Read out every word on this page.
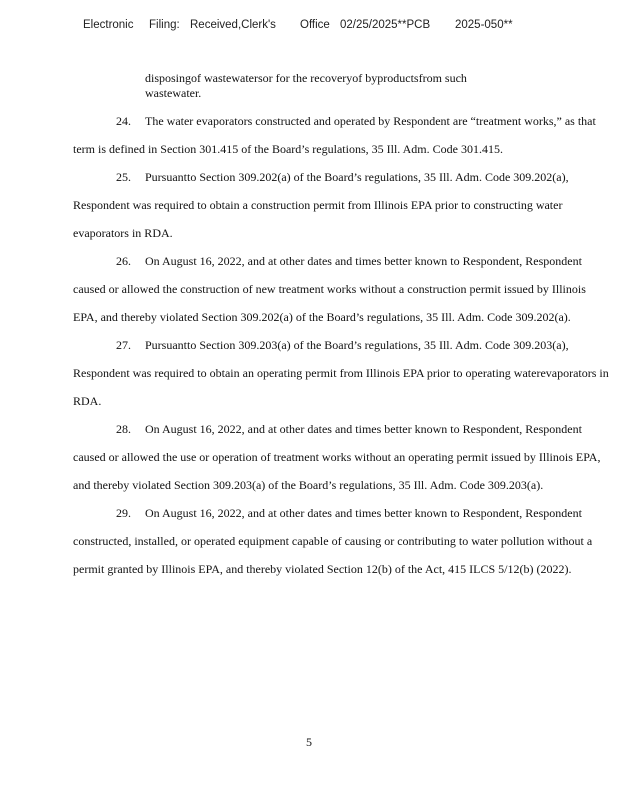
Electronic

Filing:

Received,Clerk's

Office

02/25/2025**PCB

2025-050**

disposingof wastewatersor for the recoveryof byproductsfrom such wastewater.

24. The water evaporators constructed and operated by Respondent are “treatment works,” as that term is defined in Section 301.415 of the Board’s regulations, 35 Ill. Adm. Code 301.415.

25. Pursuantto Section 309.202(a) of the Board’s regulations, 35 Ill. Adm. Code 309.202(a), Respondent was required to obtain a construction permit from Illinois EPA prior to constructing water evaporators in RDA.

26. On August 16, 2022, and at other dates and times better known to Respondent, Respondent caused or allowed the construction of new treatment works without a construction permit issued by Illinois EPA, and thereby violated Section 309.202(a) of the Board’s regulations, 35 Ill. Adm. Code 309.202(a).

27. Pursuantto Section 309.203(a) of the Board’s regulations, 35 Ill. Adm. Code 309.203(a), Respondent was required to obtain an operating permit from Illinois EPA prior to operating waterevaporators in RDA.

28. On August 16, 2022, and at other dates and times better known to Respondent, Respondent caused or allowed the use or operation of treatment works without an operating permit issued by Illinois EPA, and thereby violated Section 309.203(a) of the Board’s regulations, 35 Ill. Adm. Code 309.203(a).

29. On August 16, 2022, and at other dates and times better known to Respondent, Respondent constructed, installed, or operated equipment capable of causing or contributing to water pollution without a permit granted by Illinois EPA, and thereby violated Section 12(b) of the Act, 415 ILCS 5/12(b) (2022).

5
